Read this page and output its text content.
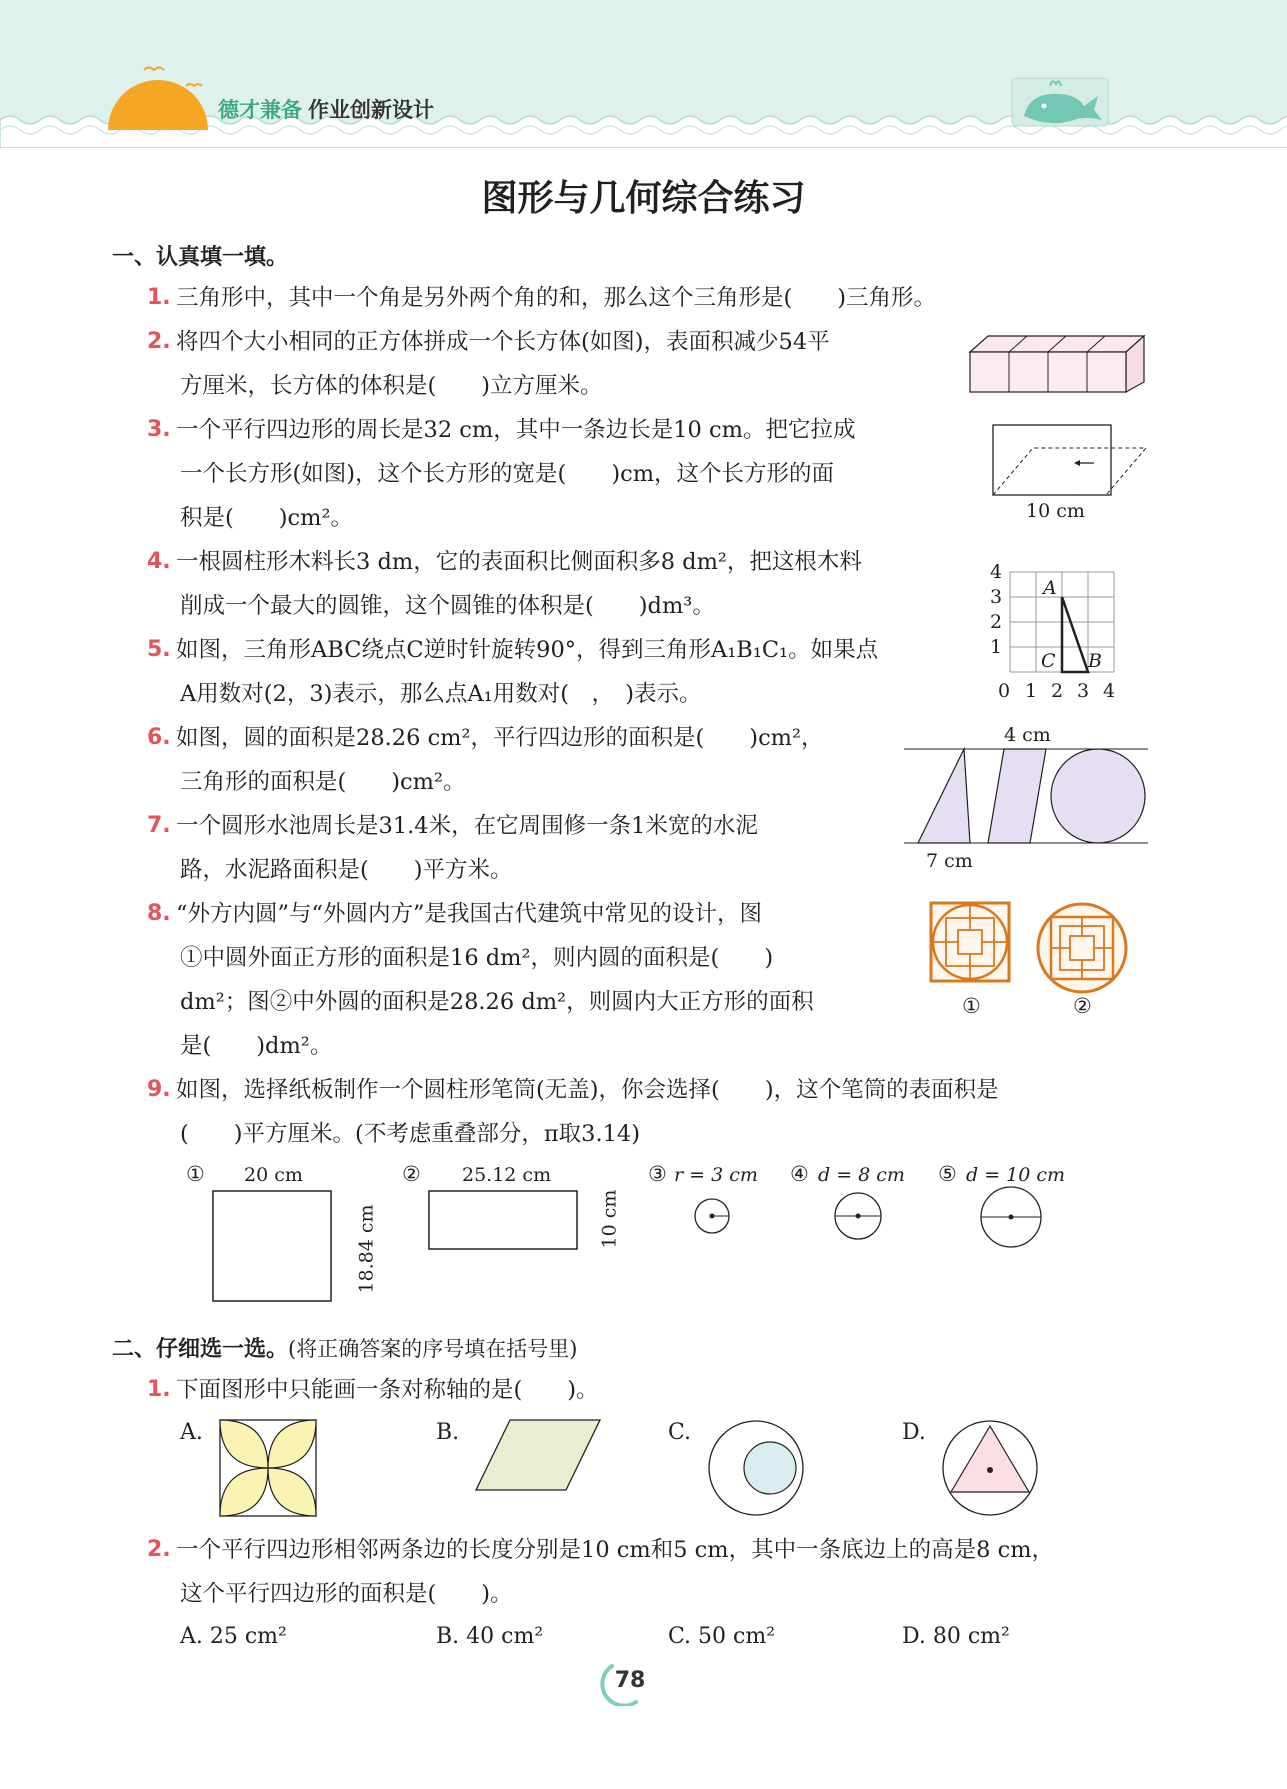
德才兼备 作业创新设计
图形与几何综合练习
一、认真填一填。
1. 三角形中，其中一个角是另外两个角的和，那么这个三角形是(　　)三角形。
2. 将四个大小相同的正方体拼成一个长方体(如图)，表面积减少54平
方厘米，长方体的体积是(　　)立方厘米。
3. 一个平行四边形的周长是32 cm，其中一条边长是10 cm。把它拉成
一个长方形(如图)，这个长方形的宽是(　　)cm，这个长方形的面
积是(　　)cm²。	10 cm
4. 一根圆柱形木料长3 dm，它的表面积比侧面积多8 dm²，把这根木料
削成一个最大的圆锥，这个圆锥的体积是(　　)dm³。
4
3
2
1
0 1 2 3 4
A
C B
5. 如图，三角形ABC绕点C逆时针旋转90°，得到三角形A₁B₁C₁。如果点
A用数对(2，3)表示，那么点A₁用数对(　，　)表示。
6. 如图，圆的面积是28.26 cm²，平行四边形的面积是(　　)cm²，
三角形的面积是(　　)cm²。
4 cm
7 cm
7. 一个圆形水池周长是31.4米，在它周围修一条1米宽的水泥
路，水泥路面积是(　　)平方米。
8. “外方内圆”与“外圆内方”是我国古代建筑中常见的设计，图
①中圆外面正方形的面积是16 dm²，则内圆的面积是(　　)
dm²；图②中外圆的面积是28.26 dm²，则圆内大正方形的面积
是(　　)dm²。
①	②
9. 如图，选择纸板制作一个圆柱形笔筒(无盖)，你会选择(　　)，这个笔筒的表面积是
(　　)平方厘米。(不考虑重叠部分，π取3.14)
① 20 cm
18.84 cm
② 25.12 cm
10 cm
③ r = 3 cm ④ d = 8 cm ⑤ d = 10 cm
二、仔细选一选。(将正确答案的序号填在括号里)
1. 下面图形中只能画一条对称轴的是(　　)。
A.	B.	C.	D.
2. 一个平行四边形相邻两条边的长度分别是10 cm和5 cm，其中一条底边上的高是8 cm，
这个平行四边形的面积是(　　)。
A. 25 cm²	B. 40 cm²	C. 50 cm²	D. 80 cm²
78
